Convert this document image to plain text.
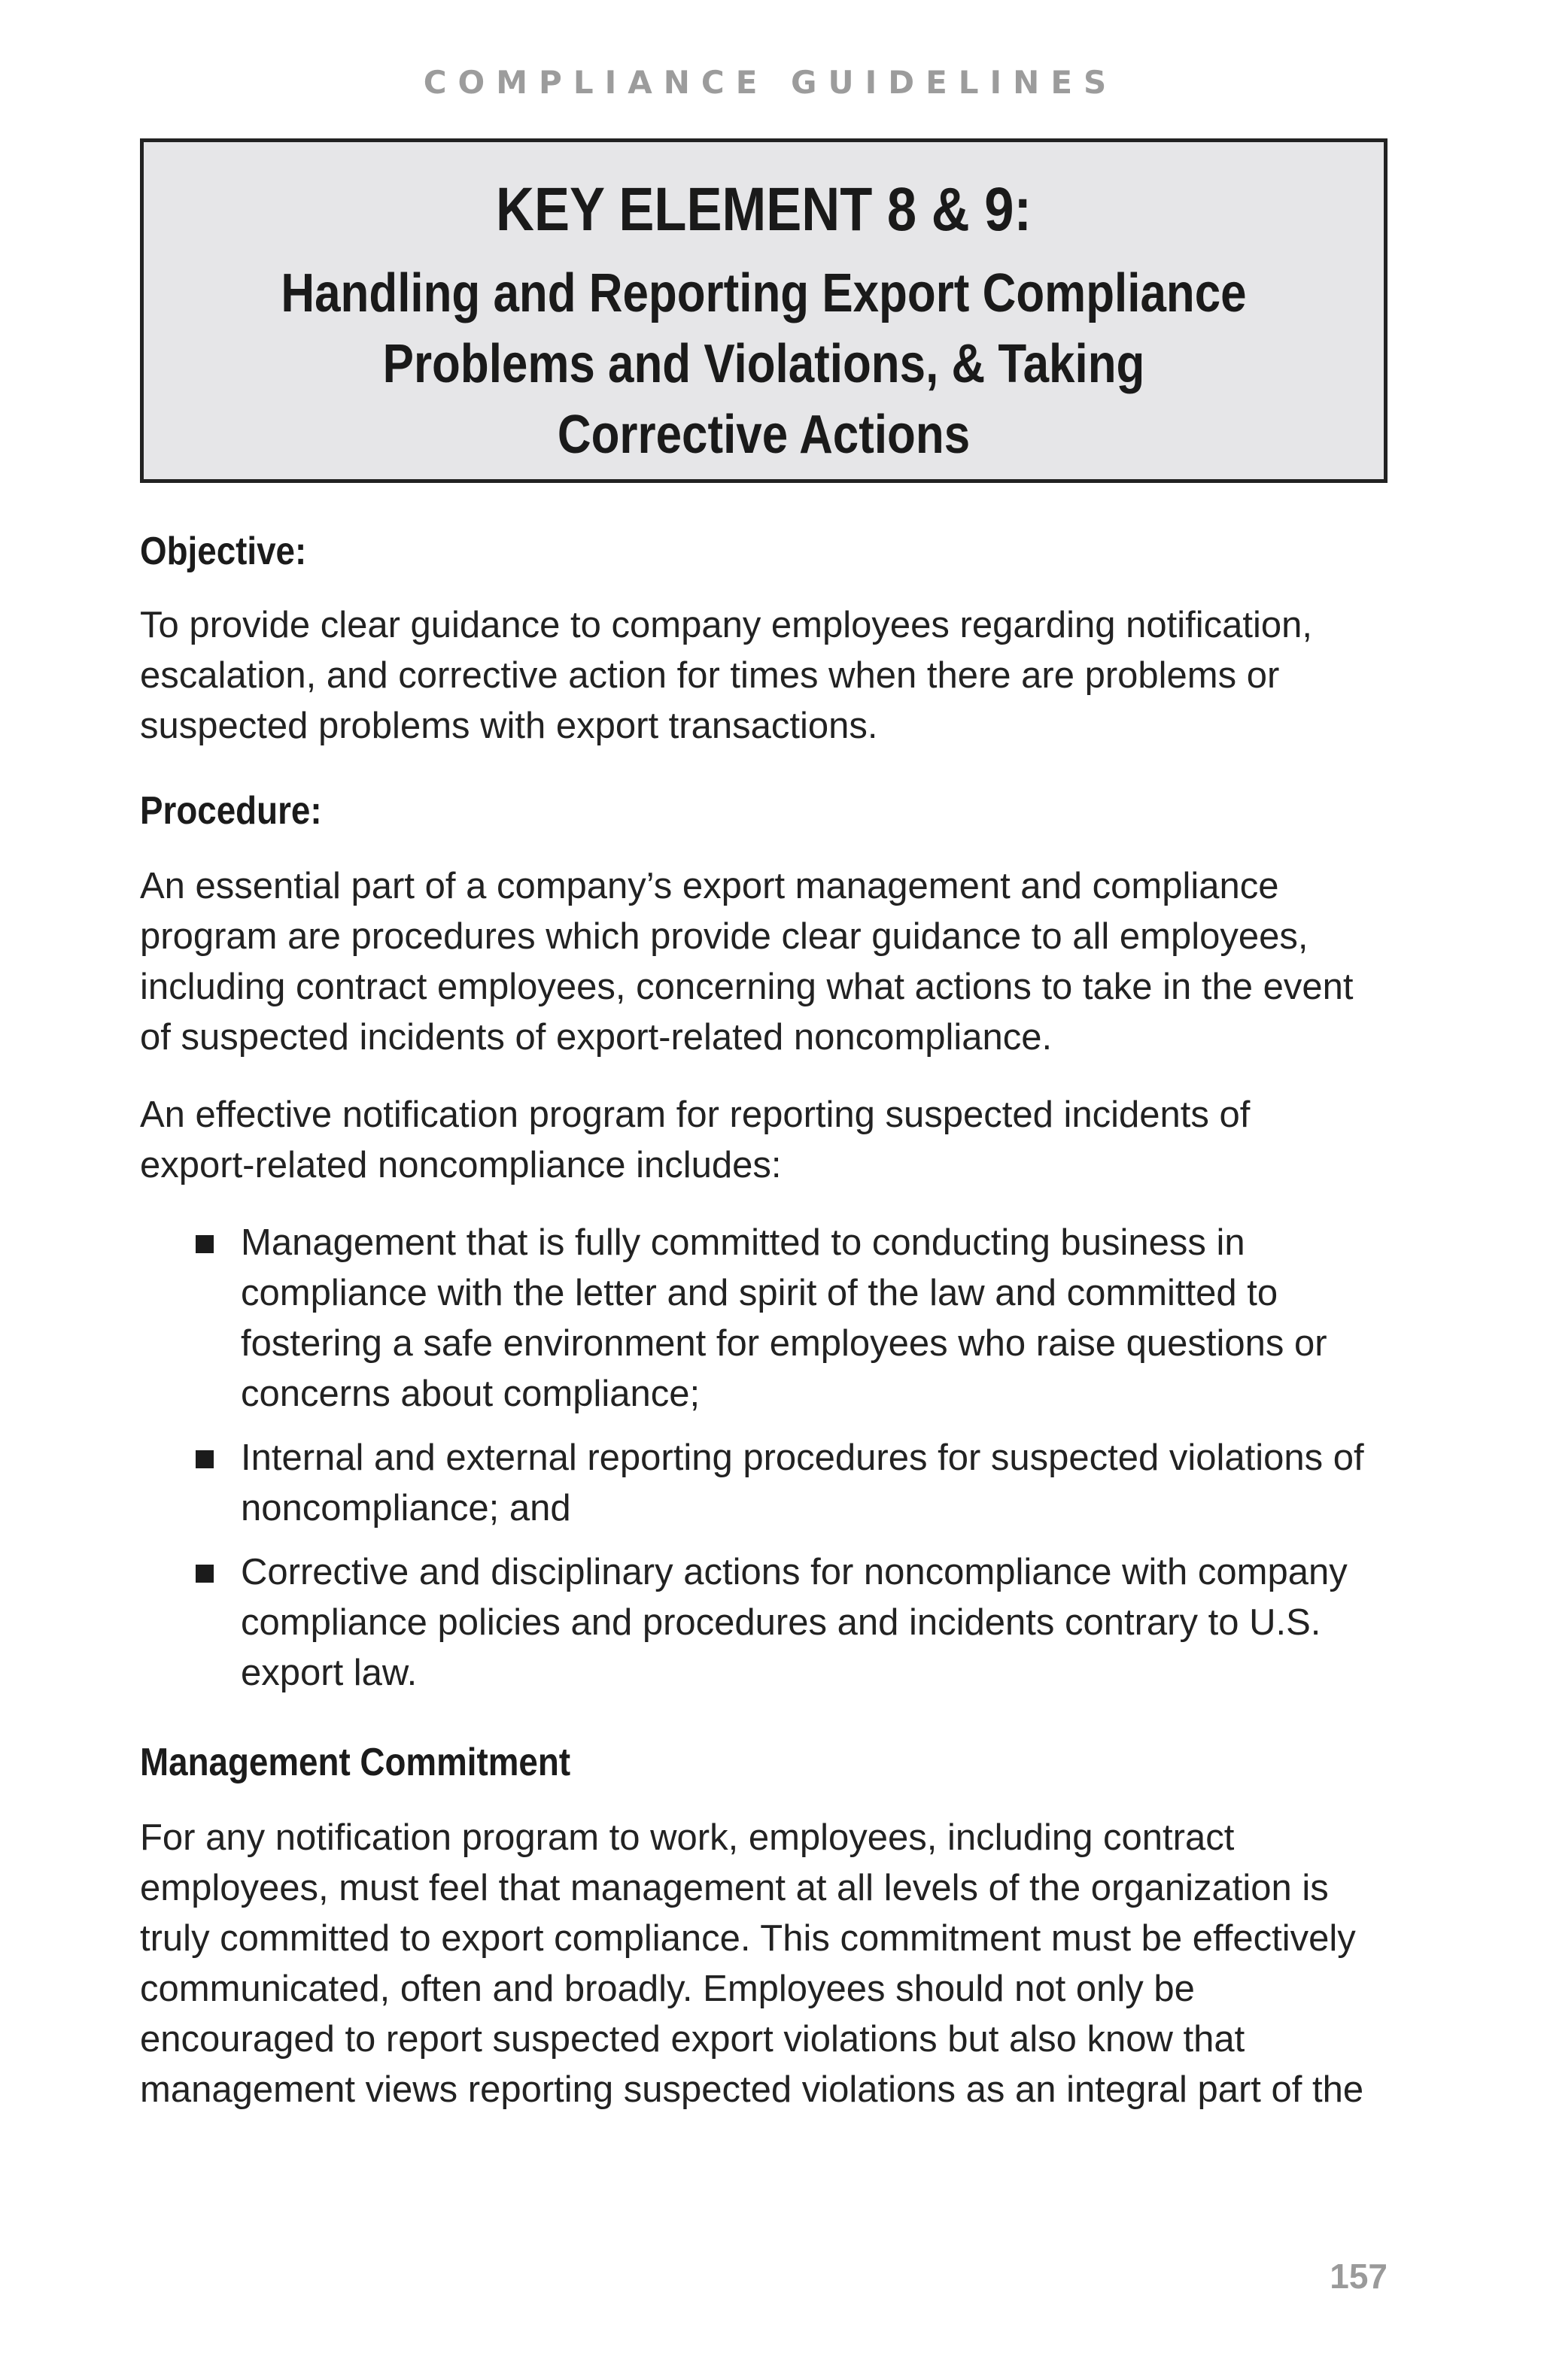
COMPLIANCE GUIDELINES
KEY ELEMENT 8 & 9:
Handling and Reporting Export Compliance
Problems and Violations, & Taking
Corrective Actions
Objective:

To provide clear guidance to company employees regarding notification, escalation, and corrective action for times when there are problems or suspected problems with export transactions.

Procedure:

An essential part of a company’s export management and compliance program are procedures which provide clear guidance to all employees, including contract employees, concerning what actions to take in the event of suspected incidents of export-related noncompliance.

An effective notification program for reporting suspected incidents of export-related noncompliance includes:

Management that is fully committed to conducting business in compliance with the letter and spirit of the law and committed to fostering a safe environment for employees who raise questions or concerns about compliance;
Internal and external reporting procedures for suspected violations of noncompliance; and
Corrective and disciplinary actions for noncompliance with company compliance policies and procedures and incidents contrary to U.S. export law.
Management Commitment

For any notification program to work, employees, including contract employees, must feel that management at all levels of the organization is truly committed to export compliance. This commitment must be effectively communicated, often and broadly. Employees should not only be encouraged to report suspected export violations but also know that management views reporting suspected violations as an integral part of the

157
